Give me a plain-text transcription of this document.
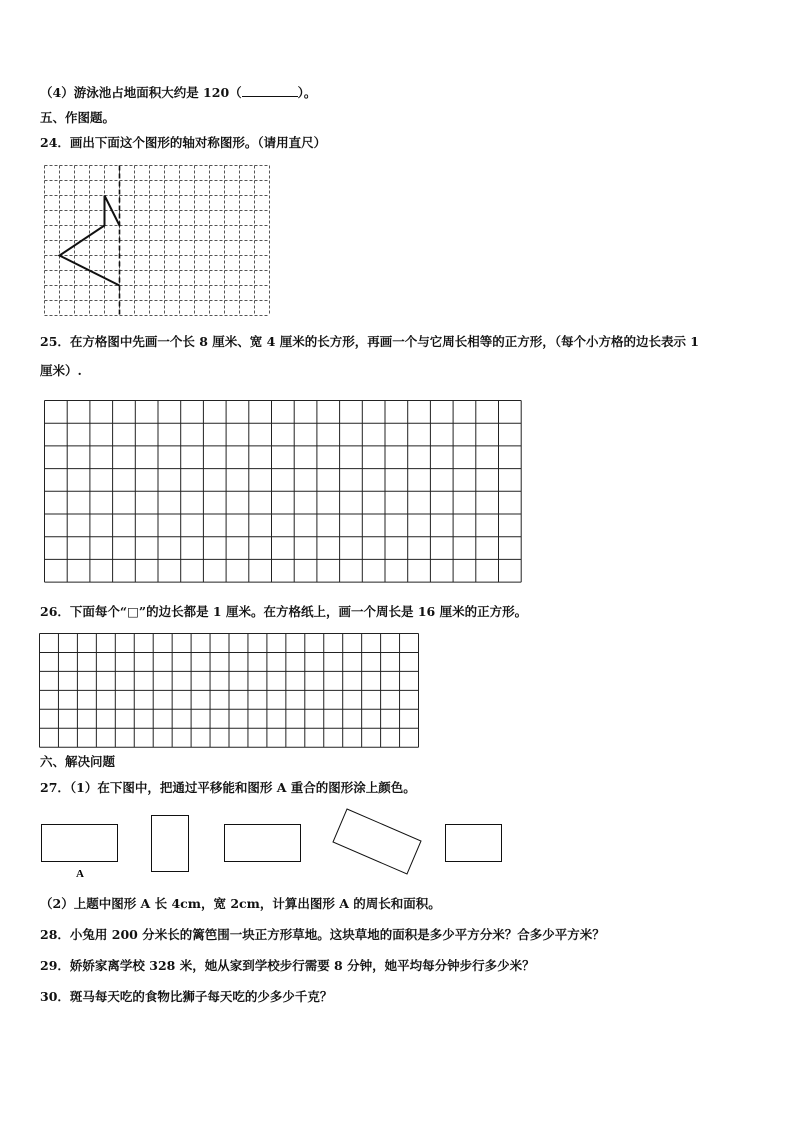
（4）游泳池占地面积大约是 120（	）。
五、作图题。
24．画出下面这个图形的轴对称图形。（请用直尺）
25．在方格图中先画一个长 8 厘米、宽 4 厘米的长方形，再画一个与它周长相等的正方形，（每个小方格的边长表示 1
厘米）.
26．下面每个“□”的边长都是 1 厘米。在方格纸上，画一个周长是 16 厘米的正方形。
六、解决问题
27．（1）在下图中，把通过平移能和图形 A 重合的图形涂上颜色。
A
（2）上题中图形 A 长 4cm，宽 2cm，计算出图形 A 的周长和面积。
28．小兔用 200 分米长的篱笆围一块正方形草地。这块草地的面积是多少平方分米？合多少平方米？
29．娇娇家离学校 328 米，她从家到学校步行需要 8 分钟，她平均每分钟步行多少米？
30．斑马每天吃的食物比狮子每天吃的少多少千克？
